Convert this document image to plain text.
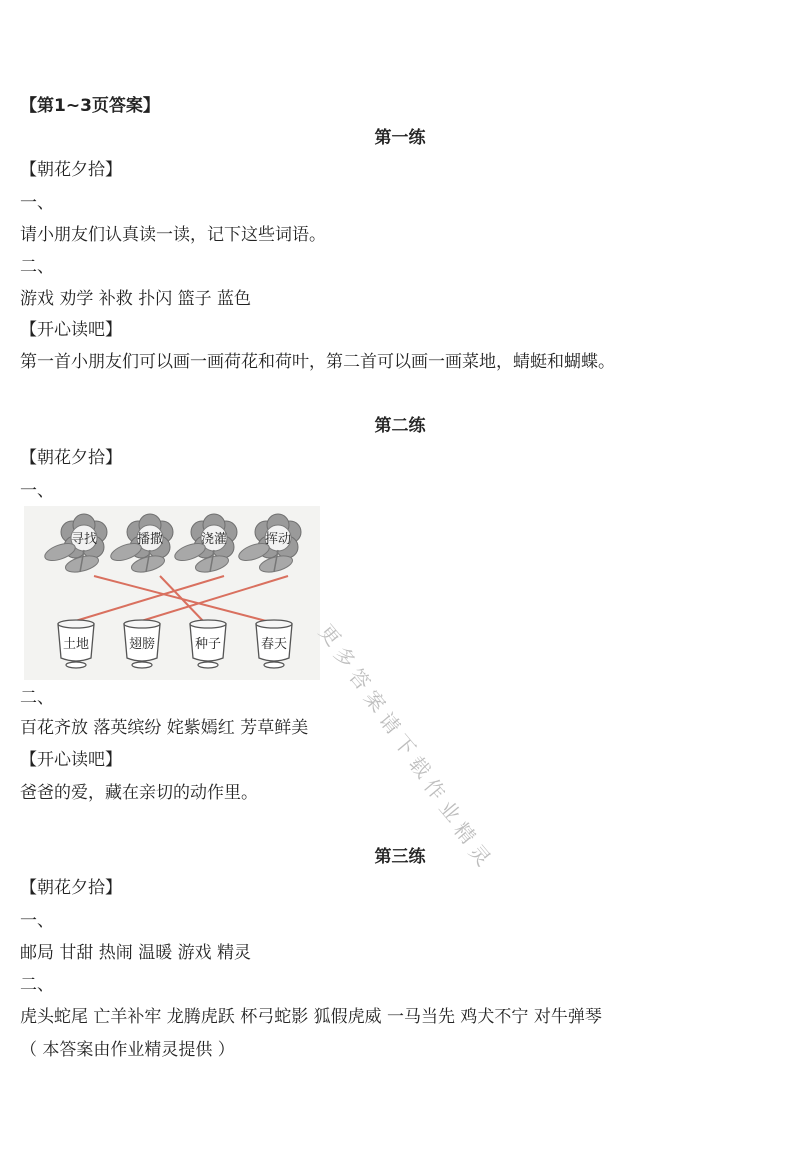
【第1~3页答案】
第一练
【朝花夕拾】
一、
请小朋友们认真读一读，记下这些词语。
二、
游戏 劝学 补救 扑闪 篮子 蓝色
【开心读吧】
第一首小朋友们可以画一画荷花和荷叶，第二首可以画一画菜地，蜻蜓和蝴蝶。
第二练
【朝花夕拾】
一、
寻找	播撒	浇灌	挥动
土地	翅膀	种子	春天
二、
百花齐放 落英缤纷 姹紫嫣红 芳草鲜美
【开心读吧】
爸爸的爱，藏在亲切的动作里。
第三练
【朝花夕拾】
一、
邮局 甘甜 热闹 温暖 游戏 精灵
二、
虎头蛇尾 亡羊补牢 龙腾虎跃 杯弓蛇影 狐假虎威 一马当先 鸡犬不宁 对牛弹琴
（ 本答案由作业精灵提供 ）
更
多
答
案
请
下
载
作
业
精
灵
